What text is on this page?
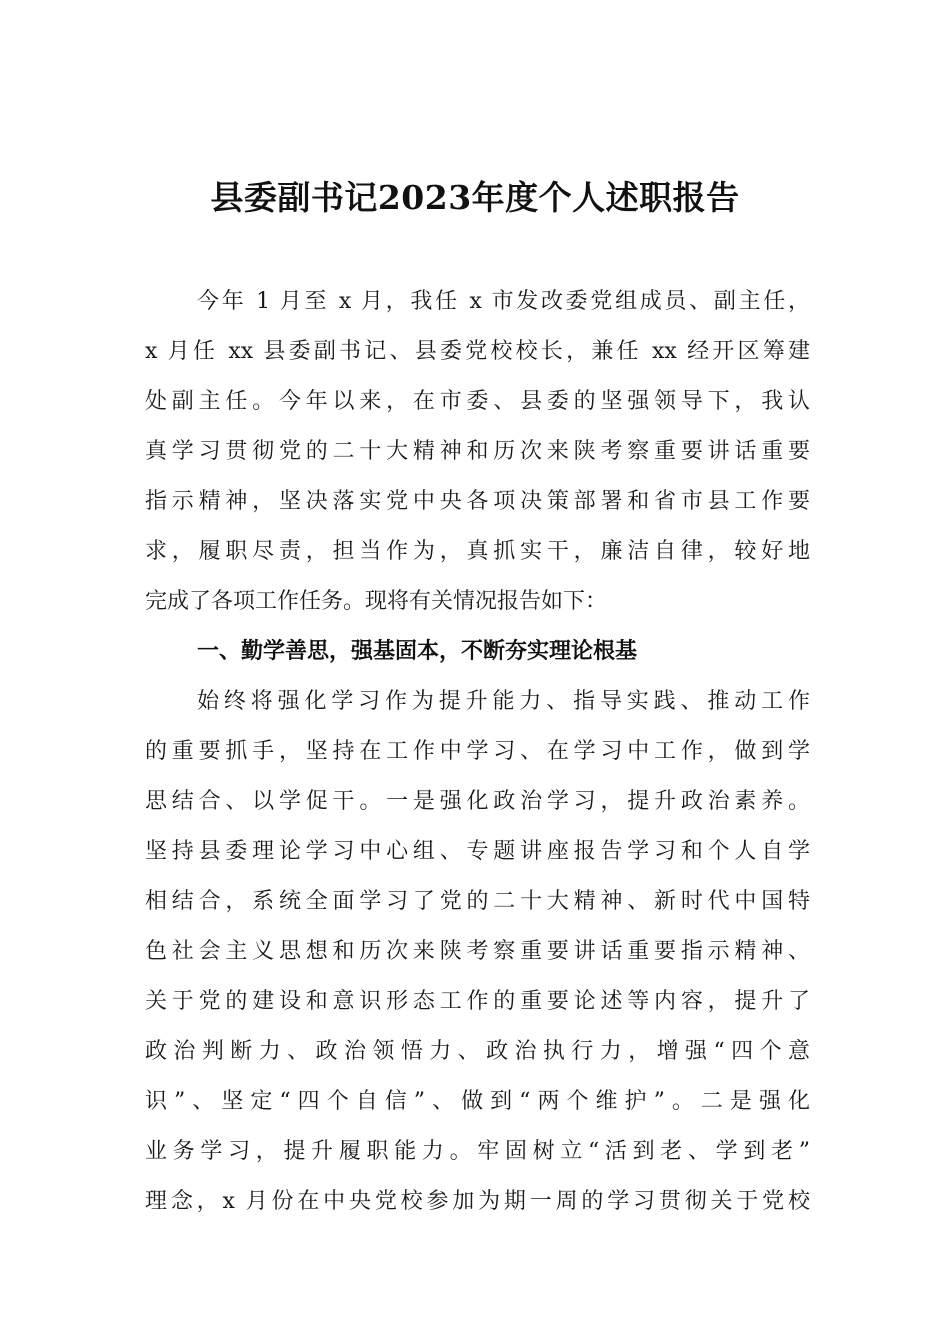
县委副书记2023年度个人述职报告
今年 1 月至 x 月，我任 x 市发改委党组成员、副主任，
x 月任 xx 县委副书记、县委党校校长，兼任 xx 经开区筹建
处副主任。今年以来，在市委、县委的坚强领导下，我认
真学习贯彻党的二十大精神和历次来陕考察重要讲话重要
指示精神，坚决落实党中央各项决策部署和省市县工作要
求，履职尽责，担当作为，真抓实干，廉洁自律，较好地
完成了各项工作任务。现将有关情况报告如下：
一、勤学善思，强基固本，不断夯实理论根基
始终将强化学习作为提升能力、指导实践、推动工作
的重要抓手，坚持在工作中学习、在学习中工作，做到学
思结合、以学促干。一是强化政治学习，提升政治素养。
坚持县委理论学习中心组、专题讲座报告学习和个人自学
相结合，系统全面学习了党的二十大精神、新时代中国特
色社会主义思想和历次来陕考察重要讲话重要指示精神、
关于党的建设和意识形态工作的重要论述等内容，提升了
政治判断力、政治领悟力、政治执行力，增强“四个意
识”、坚定“四个自信”、做到“两个维护”。二是强化
业务学习，提升履职能力。牢固树立“活到老、学到老”
理念，x 月份在中央党校参加为期一周的学习贯彻关于党校
